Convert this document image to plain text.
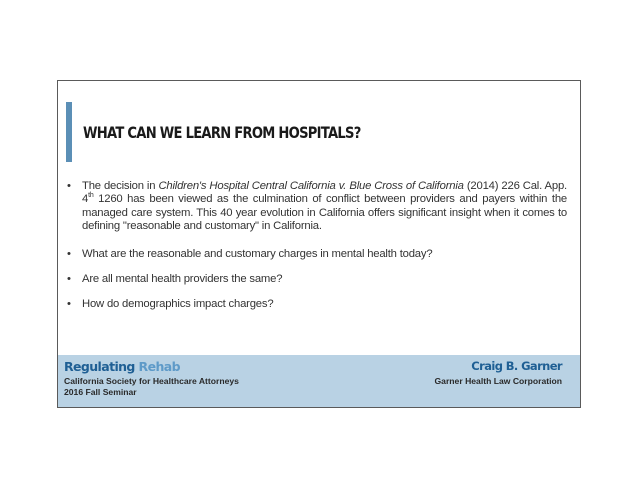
WHAT CAN WE LEARN FROM HOSPITALS?
• The decision in Children's Hospital Central California v. Blue Cross of California (2014) 226 Cal. App. 4th 1260 has been viewed as the culmination of conflict between providers and payers within the managed care system. This 40 year evolution in California offers significant insight when it comes to defining "reasonable and customary" in California.
• What are the reasonable and customary charges in mental health today?
• Are all mental health providers the same?
• How do demographics impact charges?
Regulating Rehab
California Society for Healthcare Attorneys
2016 Fall Seminar
Craig B. Garner
Garner Health Law Corporation
